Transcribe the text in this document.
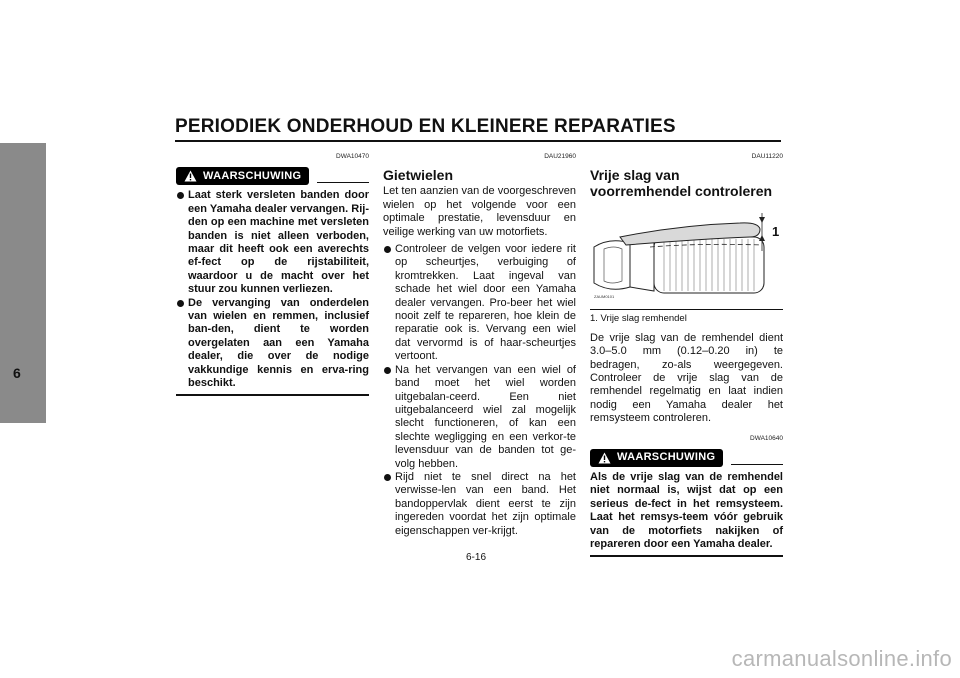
PERIODIEK ONDERHOUD EN KLEINERE REPARATIES
6
DWA10470
WAARSCHUWING
Laat sterk versleten banden door een Yamaha dealer vervangen. Rij-den op een machine met versleten banden is niet alleen verboden, maar dit heeft ook een averechts ef-fect op de rijstabiliteit, waardoor u de macht over het stuur zou kunnen verliezen.
De vervanging van onderdelen van wielen en remmen, inclusief ban-den, dient te worden overgelaten aan een Yamaha dealer, die over de nodige vakkundige kennis en erva-ring beschikt.
DAU21960
Gietwielen

Let ten aanzien van de voorgeschreven wielen op het volgende voor een optimale prestatie, levensduur en veilige werking van uw motorfiets.

Controleer de velgen voor iedere rit op scheurtjes, verbuiging of kromtrekken. Laat ingeval van schade het wiel door een Yamaha dealer vervangen. Pro-beer het wiel nooit zelf te repareren, hoe klein de reparatie ook is. Vervang een wiel dat vervormd is of haar-scheurtjes vertoont.
Na het vervangen van een wiel of band moet het wiel worden uitgebalan-ceerd. Een niet uitgebalanceerd wiel zal mogelijk slecht functioneren, of kan een slechte wegligging en een verkor-te levensduur van de banden tot ge-volg hebben.
Rijd niet te snel direct na het verwisse-len van een band. Het bandoppervlak dient eerst te zijn ingereden voordat het zijn optimale eigenschappen ver-krijgt.
DAU11220
Vrije slag van voorremhendel controleren
1
ZAUM0101
1. Vrije slag remhendel

De vrije slag van de remhendel dient 3.0–5.0 mm (0.12–0.20 in) te bedragen, zo-als weergegeven. Controleer de vrije slag van de remhendel regelmatig en laat indien nodig een Yamaha dealer het remsysteem controleren.

DWA10640
WAARSCHUWING

Als de vrije slag van de remhendel niet normaal is, wijst dat op een serieus de-fect in het remsysteem. Laat het remsys-teem vóór gebruik van de motorfiets nakijken of repareren door een Yamaha dealer.

6-16
carmanualsonline.info
